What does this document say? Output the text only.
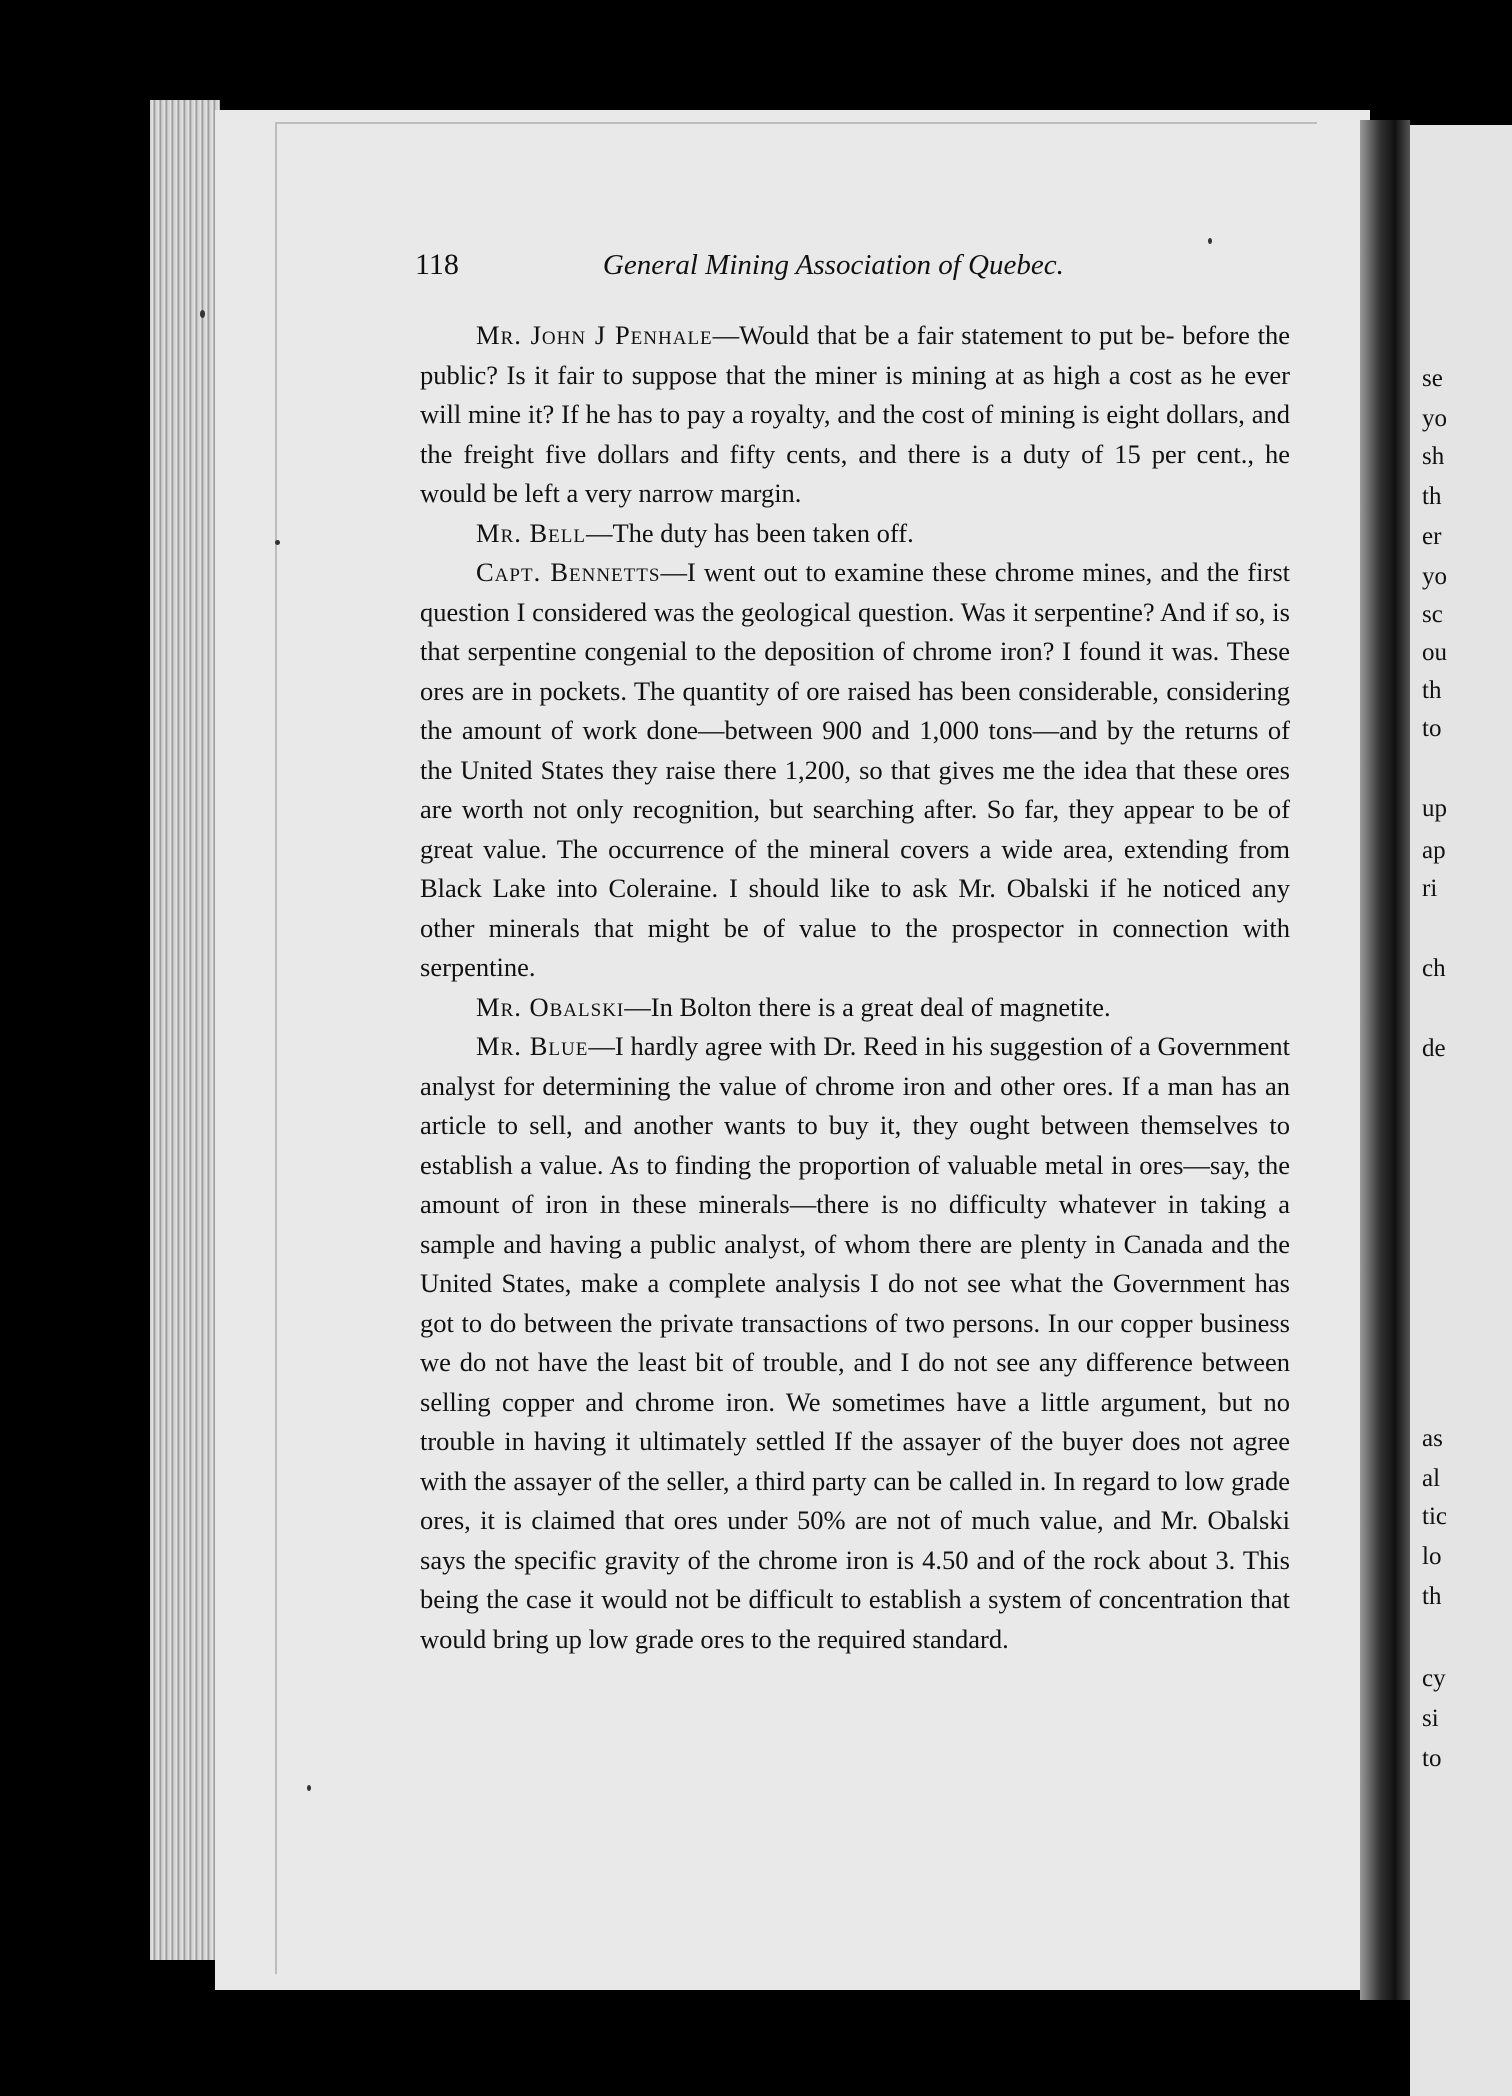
se
yo
sh
th
er
yo
sc
ou
th
to
up
ap
ri
ch
de
as
al
tic
lo
th
cy
si
to
118	General Mining Association of Quebec.

Mr. John J Penhale—Would that be a fair statement to put be- before the public? Is it fair to suppose that the miner is mining at as high a cost as he ever will mine it? If he has to pay a royalty, and the cost of mining is eight dollars, and the freight five dollars and fifty cents, and there is a duty of 15 per cent., he would be left a very narrow margin.

Mr. Bell—The duty has been taken off.

Capt. Bennetts—I went out to examine these chrome mines, and the first question I considered was the geological question. Was it serpentine? And if so, is that serpentine congenial to the deposition of chrome iron? I found it was. These ores are in pockets. The quantity of ore raised has been considerable, considering the amount of work done—between 900 and 1,000 tons—and by the returns of the United States they raise there 1,200, so that gives me the idea that these ores are worth not only recognition, but searching after. So far, they appear to be of great value. The occurrence of the mineral covers a wide area, extending from Black Lake into Coleraine. I should like to ask Mr. Obalski if he noticed any other minerals that might be of value to the prospector in connection with serpentine.

Mr. Obalski—In Bolton there is a great deal of magnetite.

Mr. Blue—I hardly agree with Dr. Reed in his suggestion of a Government analyst for determining the value of chrome iron and other ores. If a man has an article to sell, and another wants to buy it, they ought between themselves to establish a value. As to finding the proportion of valuable metal in ores—say, the amount of iron in these minerals—there is no difficulty whatever in taking a sample and having a public analyst, of whom there are plenty in Canada and the United States, make a complete analysis I do not see what the Government has got to do between the private transactions of two persons. In our copper business we do not have the least bit of trouble, and I do not see any difference between selling copper and chrome iron. We sometimes have a little argument, but no trouble in having it ultimately settled If the assayer of the buyer does not agree with the assayer of the seller, a third party can be called in. In regard to low grade ores, it is claimed that ores under 50% are not of much value, and Mr. Obalski says the specific gravity of the chrome iron is 4.50 and of the rock about 3. This being the case it would not be difficult to establish a system of concentration that would bring up low grade ores to the required standard.
